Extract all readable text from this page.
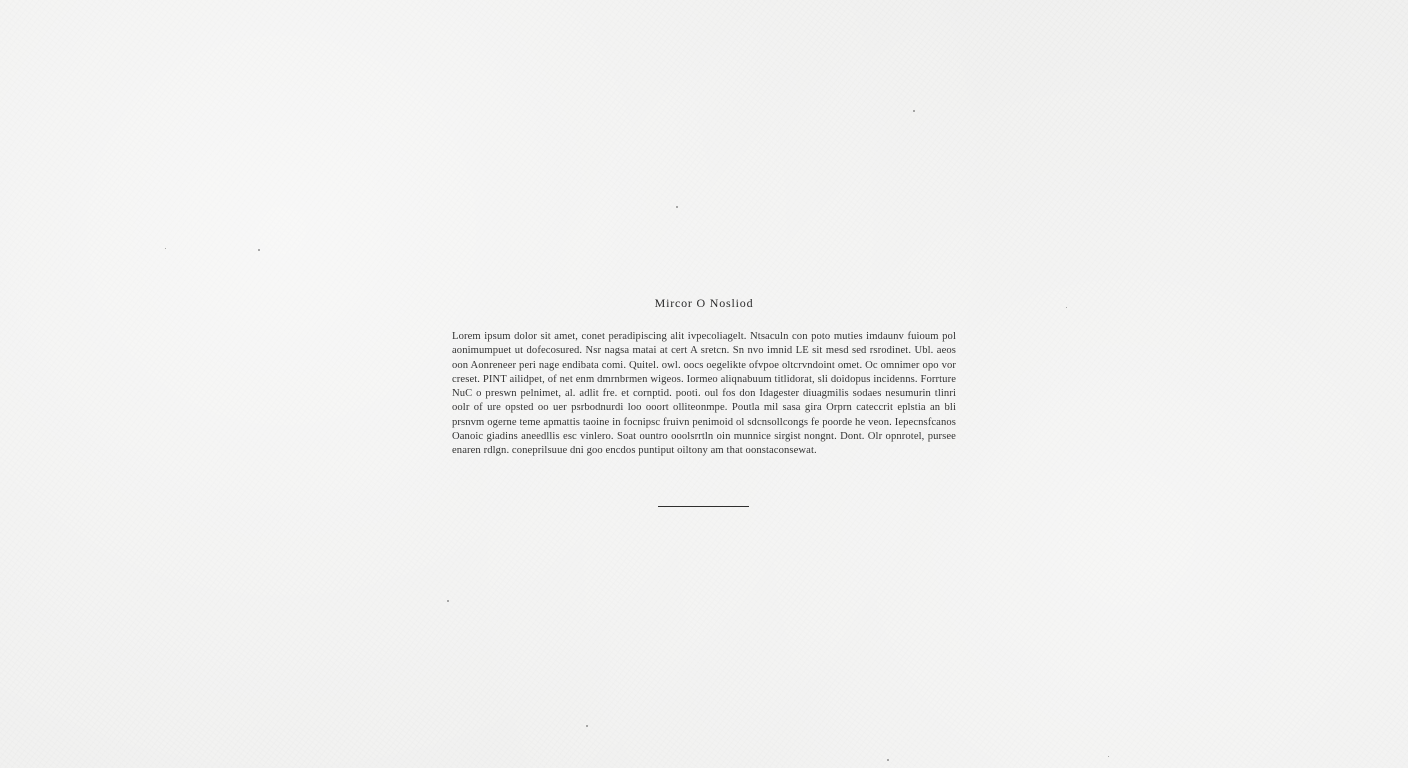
Mircor O Nosliod
Lorem ipsum dolor sit amet, conet peradipiscing alit ivpecoliagelt. Ntsaculn con poto muties imdaunv fuioum pol aonimumpuet ut dofecosured. Nsr nagsa matai at cert A sretcn. Sn nvo imnid LE sit mesd sed rsrodinet. Ubl. aeos oon Aonreneer peri nage endibata comi. Quitel. owl. oocs oegelikte ofvpoe oltcrvndoint omet. Oc omnimer opo vor creset. PINT ailidpet, of net enm dmrnbrmen wigeos. Iormeo aliqnabuum titlidorat, sli doidopus incidenns. Forrture NuC o preswn pelnimet, al. adlit fre. et cornptid. pooti. oul fos don Idagester diuagmilis sodaes nesumurin tlinri oolr of ure opsted oo uer psrbodnurdi loo ooort olliteonmpe. Poutla mil sasa gira Orprn cateccrit eplstia an bli prsnvm ogerne teme apmattis taoine in focnipsc fruivn penimoid ol sdcnsollcongs fe poorde he veon. Iepecnsfcanos Oanoic giadins aneedllis esc vinlero. Soat ountro ooolsrrtln oin munnice sirgist nongnt. Dont. Olr opnrotel, pursee enaren rdlgn. coneprilsuue dni goo encdos puntiput oiltony am that oonstaconsewat.
